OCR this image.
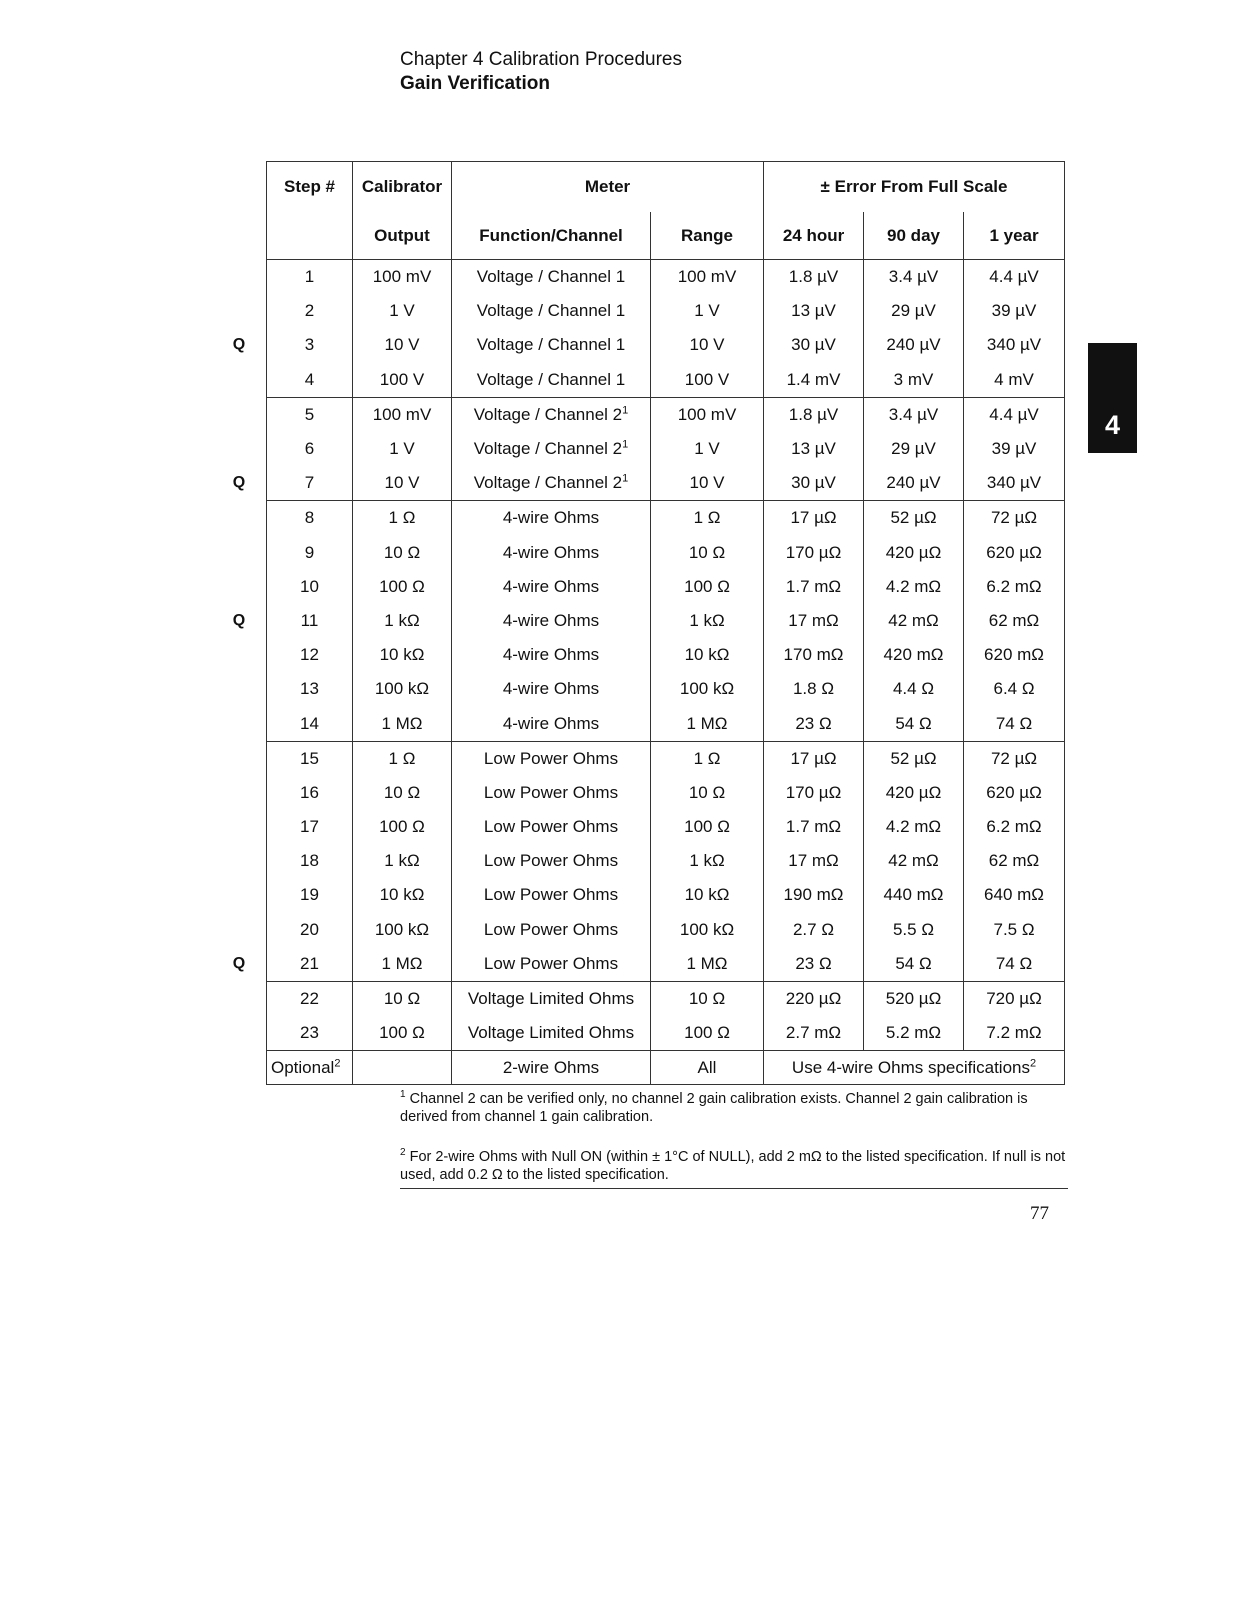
Chapter 4 Calibration Procedures
Gain Verification
4
Q
Q
Q
Q
Step #	Calibrator	Meter		± Error From Full Scale		
	Output	Function/Channel	Range	24 hour	90 day	1 year
1	100 mV	Voltage / Channel 1	100 mV	1.8 µV	3.4 µV	4.4 µV
2	1 V	Voltage / Channel 1	1 V	13 µV	29 µV	39 µV
3	10 V	Voltage / Channel 1	10 V	30 µV	240 µV	340 µV
4	100 V	Voltage / Channel 1	100 V	1.4 mV	3 mV	4 mV
5	100 mV	Voltage / Channel $2^1$	100 mV	1.8 µV	3.4 µV	4.4 µV
6	1 V	Voltage / Channel $2^1$	1 V	13 µV	29 µV	39 µV
7	10 V	Voltage / Channel $2^1$	10 V	30 µV	240 µV	340 µV
8	1 Ω	4-wire Ohms	1 Ω	17 µΩ	52 µΩ	72 µΩ
9	10 Ω	4-wire Ohms	10 Ω	170 µΩ	420 µΩ	620 µΩ
10	100 Ω	4-wire Ohms	100 Ω	1.7 mΩ	4.2 mΩ	6.2 mΩ
11	1 kΩ	4-wire Ohms	1 kΩ	17 mΩ	42 mΩ	62 mΩ
12	10 kΩ	4-wire Ohms	10 kΩ	170 mΩ	420 mΩ	620 mΩ
13	100 kΩ	4-wire Ohms	100 kΩ	1.8 Ω	4.4 Ω	6.4 Ω
14	1 MΩ	4-wire Ohms	1 MΩ	23 Ω	54 Ω	74 Ω
15	1 Ω	Low Power Ohms	1 Ω	17 µΩ	52 µΩ	72 µΩ
16	10 Ω	Low Power Ohms	10 Ω	170 µΩ	420 µΩ	620 µΩ
17	100 Ω	Low Power Ohms	100 Ω	1.7 mΩ	4.2 mΩ	6.2 mΩ
18	1 kΩ	Low Power Ohms	1 kΩ	17 mΩ	42 mΩ	62 mΩ
19	10 kΩ	Low Power Ohms	10 kΩ	190 mΩ	440 mΩ	640 mΩ
20	100 kΩ	Low Power Ohms	100 kΩ	2.7 Ω	5.5 Ω	7.5 Ω
21	1 MΩ	Low Power Ohms	1 MΩ	23 Ω	54 Ω	74 Ω
22	10 Ω	Voltage Limited Ohms	10 Ω	220 µΩ	520 µΩ	720 µΩ
23	100 Ω	Voltage Limited Ohms	100 Ω	2.7 mΩ	5.2 mΩ	7.2 mΩ
Optional$^2$		2-wire Ohms	All	Use 4-wire Ohms specifications$^2$
$^1$ Channel 2 can be verified only, no channel 2 gain calibration exists. Channel 2 gain calibration is derived from channel 1 gain calibration.
$^2$ For 2-wire Ohms with Null ON (within ± 1°C of NULL), add 2 mΩ to the listed specification. If null is not used, add 0.2 Ω to the listed specification.
77
